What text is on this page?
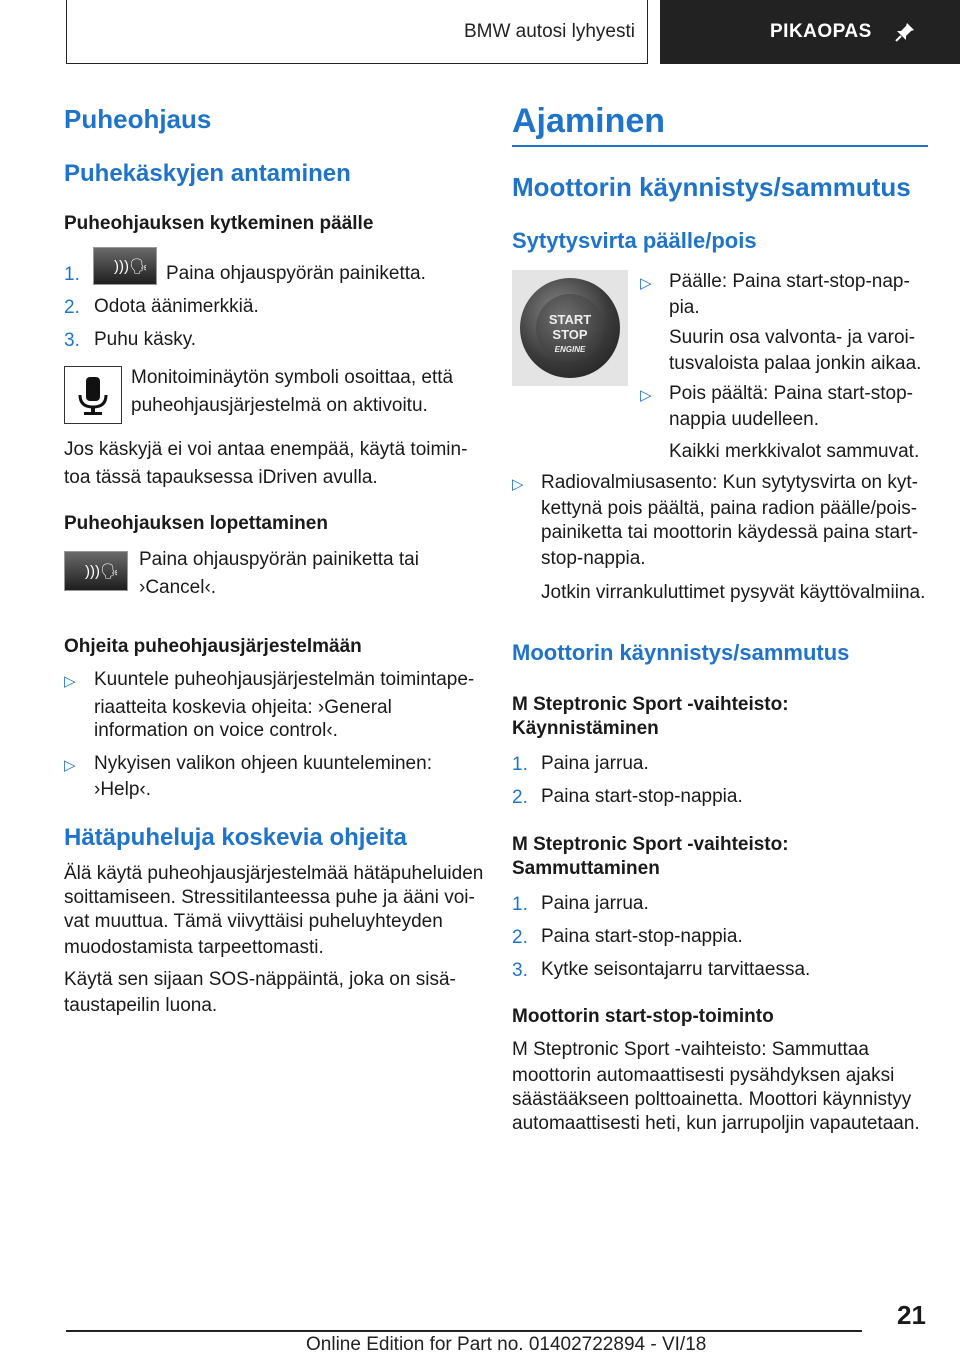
BMW autosi lyhyesti	PIKAOPAS
Puheohjaus
Puhekäskyjen antaminen
Puheohjauksen kytkeminen päälle
1. )))🗣 Paina ohjauspyörän painiketta.
2. Odota äänimerkkiä.
3. Puhu käsky.
Monitoiminäytön symboli osoittaa, että
puheohjausjärjestelmä on aktivoitu.
Jos käskyjä ei voi antaa enempää, käytä toimin‐
toa tässä tapauksessa iDriven avulla.
Puheohjauksen lopettaminen
)))🗣
Paina ohjauspyörän painiketta tai
›Cancel‹.
Ohjeita puheohjausjärjestelmään
▷ Kuuntele puheohjausjärjestelmän toimintape‐
riaatteita koskevia ohjeita: ›General
information on voice control‹.
▷ Nykyisen valikon ohjeen kuunteleminen:
›Help‹.
Hätäpuheluja koskevia ohjeita
Älä käytä puheohjausjärjestelmää hätäpuheluiden
soittamiseen. Stressitilanteessa puhe ja ääni voi‐
vat muuttua. Tämä viivyttäisi puheluyhteyden
muodostamista tarpeettomasti.
Käytä sen sijaan SOS-näppäintä, joka on sisä‐
taustapeilin luona.
Ajaminen
Moottorin käynnistys/sammutus
Sytytysvirta päälle/pois
START
STOP
ENGINE
▷ Päälle: Paina start-stop-nap‐
pia.
Suurin osa valvonta- ja varoi‐
tusvaloista palaa jonkin aikaa.
▷ Pois päältä: Paina start-stop-
nappia uudelleen.
Kaikki merkkivalot sammuvat.
▷ Radiovalmiusasento: Kun sytytysvirta on kyt‐
kettynä pois päältä, paina radion päälle/pois-
painiketta tai moottorin käydessä paina start-
stop-nappia.
Jotkin virrankuluttimet pysyvät käyttövalmiina.
Moottorin käynnistys/sammutus
M Steptronic Sport -vaihteisto:
Käynnistäminen
1. Paina jarrua.
2. Paina start-stop-nappia.
M Steptronic Sport -vaihteisto:
Sammuttaminen
1. Paina jarrua.
2. Paina start-stop-nappia.
3. Kytke seisontajarru tarvittaessa.
Moottorin start-stop-toiminto
M Steptronic Sport -vaihteisto: Sammuttaa
moottorin automaattisesti pysähdyksen ajaksi
säästääkseen polttoainetta. Moottori käynnistyy
automaattisesti heti, kun jarrupoljin vapautetaan.
21
Online Edition for Part no. 01402722894 - VI/18
